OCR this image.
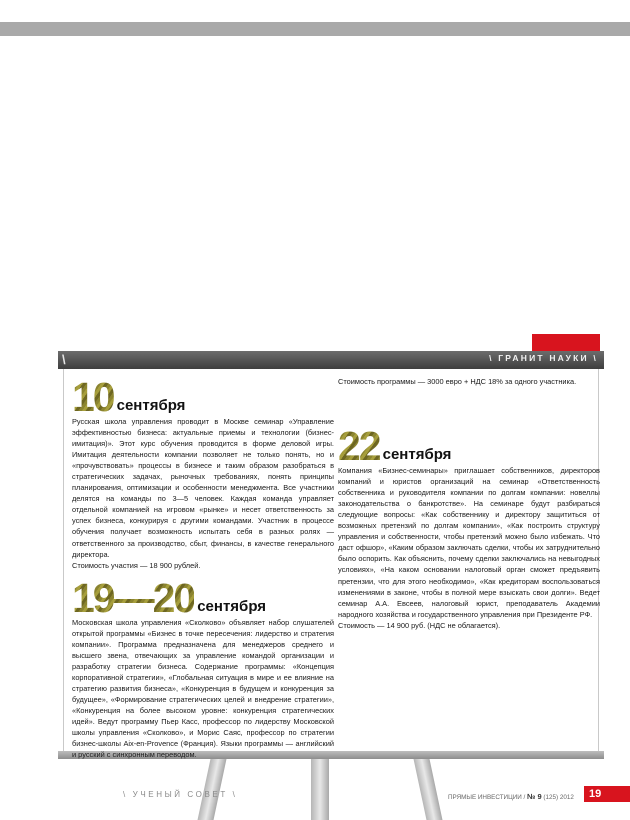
\	\ ГРАНИТ НАУКИ \
10 сентября

Русская школа управления проводит в Москве семинар «Управление эффективностью бизнеса: актуальные приемы и технологии (бизнес-имитация)». Этот курс обучения проводится в форме деловой игры. Имитация деятельности компании позволяет не только понять, но и «прочувствовать» процессы в бизнесе и таким образом разобраться в стратегических задачах, рыночных требованиях, понять принципы планирования, оптимизации и особенности менеджмента. Все участники делятся на команды по 3—5 человек. Каждая команда управляет отдельной компанией на игровом «рынке» и несет ответственность за успех бизнеса, конкурируя с другими командами. Участник в процессе обучения получает возможность испытать себя в разных ролях — ответственного за производство, сбыт, финансы, в качестве генерального директора.

Стоимость участия — 18 900 рублей.

19—20 сентября

Московская школа управления «Сколково» объявляет набор слушателей открытой программы «Бизнес в точке пересечения: лидерство и стратегия компании». Программа предназначена для менеджеров среднего и высшего звена, отвечающих за управление командой организации и разработку стратегии бизнеса. Содержание программы: «Концепция корпоративной стратегии», «Глобальная ситуация в мире и ее влияние на стратегию развития бизнеса», «Конкуренция в будущем и конкуренция за будущее», «Формирование стратегических целей и внедрение стратегии», «Конкуренция на более высоком уровне: конкуренция стратегических идей». Ведут программу Пьер Касс, профессор по лидерству Московской школы управления «Сколково», и Морис Саяс, профессор по стратегии бизнес-школы Aix-en-Provence (Франция). Языки программы — английский и русский с синхронным переводом.

Стоимость программы — 3000 евро + НДС 18% за одного участника.

22 сентября

Компания «Бизнес-семинары» приглашает собственников, директоров компаний и юристов организаций на семинар «Ответственность собственника и руководителя компании по долгам компании: новеллы законодательства о банкротстве». На семинаре будут разбираться следующие вопросы: «Как собственнику и директору защититься от возможных претензий по долгам компании», «Как построить структуру управления и собственности, чтобы претензий можно было избежать. Что даст офшор», «Каким образом заключать сделки, чтобы их затруднительно было оспорить. Как объяснить, почему сделки заключались на невыгодных условиях», «На каком основании налоговый орган сможет предъявить претензии, что для этого необходимо», «Как кредиторам воспользоваться изменениями в законе, чтобы в полной мере взыскать свои долги». Ведет семинар А.А. Евсеев, налоговый юрист, преподаватель Академии народного хозяйства и государственного управления при Президенте РФ.

Стоимость — 14 900 руб. (НДС не облагается).

\ УЧЕНЫЙ СОВЕТ \	ПРЯМЫЕ ИНВЕСТИЦИИ / № 9 (125) 2012	19
